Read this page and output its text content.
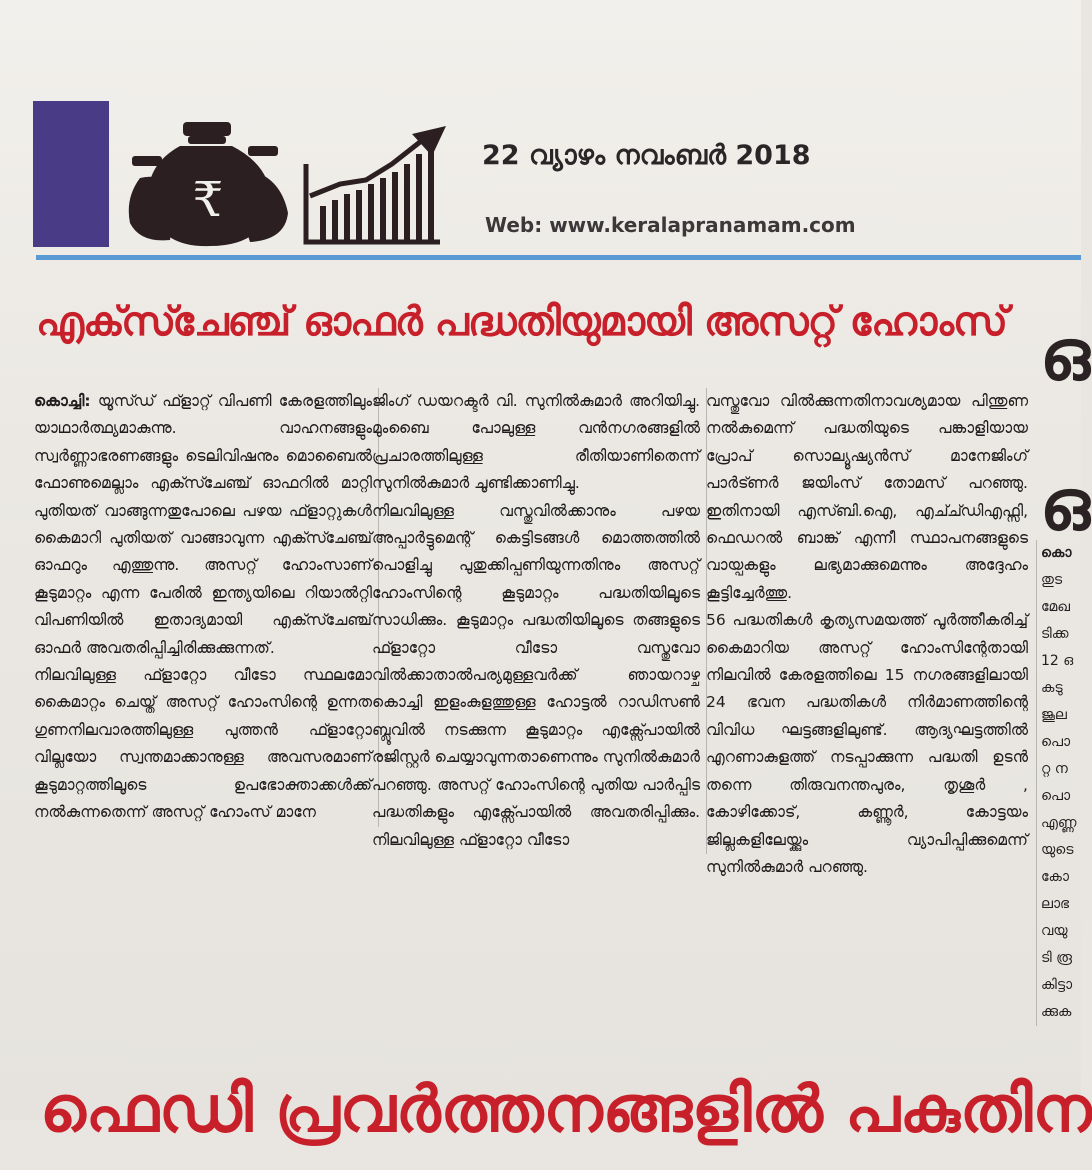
₹
22 വ്യാഴം നവംബർ 2018
Web: www.keralapranamam.com
എക്സ്ചേഞ്ച് ഓഫർ പദ്ധതിയുമായി അസറ്റ് ഹോംസ് ഒ
ഒ

കൊച്ചി: യൂസ്ഡ് ഫ്ളാറ്റ് വിപണി കേരളത്തിലും യാഥാർത്ഥ്യമാകുന്നു. വാഹനങ്ങളും സ്വർണ്ണാഭരണങ്ങളും ടെലിവിഷനും മൊബൈൽ ഫോണുമെല്ലാം എക്സ്ചേഞ്ച് ഓഫറിൽ മാറ്റി പുതിയത് വാങ്ങുന്നതുപോലെ പഴയ ഫ്ളാറ്റുകൾ കൈമാറി പുതിയത് വാങ്ങാവുന്ന എക്സ്ചേഞ്ച് ഓഫറും എത്തുന്നു. അസറ്റ് ഹോംസാണ് കൂടുമാറ്റം എന്ന പേരിൽ ഇന്ത്യയിലെ റിയാൽറ്റി വിപണിയിൽ ഇതാദ്യമായി എക്സ്ചേഞ്ച് ഓഫർ അവതരിപ്പിച്ചിരിക്കുക്കുന്നത്.

നിലവിലുള്ള ഫ്ളാറ്റോ വീടോ സ്ഥലമോ കൈമാറ്റം ചെയ്ത് അസറ്റ് ഹോംസിന്റെ ഉന്നത ഗുണനിലവാരത്തിലുള്ള പുത്തൻ ഫ്ളാറ്റോ വില്ലയോ സ്വന്തമാക്കാനുള്ള അവസരമാണ് കൂടുമാറ്റത്തിലൂടെ ഉപഭോക്താക്കൾക്ക് നൽകുന്നതെന്ന് അസറ്റ് ഹോംസ് മാനേ

ജിംഗ് ഡയറക്ടർ വി. സുനിൽകുമാർ അറിയിച്ചു. മുംബൈ പോലുള്ള വൻനഗരങ്ങളിൽ പ്രചാരത്തിലുള്ള രീതിയാണിതെന്ന് സുനിൽകുമാർ ചൂണ്ടിക്കാണിച്ചു.

നിലവിലുള്ള വസ്തുവിൽക്കാനും പഴയ അപ്പാർട്ടുമെന്റ് കെട്ടിടങ്ങൾ മൊത്തത്തിൽ പൊളിച്ചു പുതുക്കിപ്പണിയുന്നതിനും അസറ്റ് ഹോംസിന്റെ കൂടുമാറ്റം പദ്ധതിയിലൂടെ സാധിക്കും. കൂടുമാറ്റം പദ്ധതിയിലൂടെ തങ്ങളുടെ ഫ്ളാറ്റോ വീടോ വസ്തുവോ വിൽക്കാതാൽപര്യമുള്ളവർക്ക് ഞായറാഴ്ച കൊച്ചി ഇളംകുളത്തുള്ള ഹോട്ടൽ റാഡിസൺ ബ്ലൂവിൽ നടക്കുന്ന കൂടുമാറ്റം എക്സ്പോയിൽ രജിസ്റ്റർ ചെയ്യാവുന്നതാണെന്നും സുനിൽകുമാർ പറഞ്ഞു. അസറ്റ് ഹോംസിന്റെ പുതിയ പാർപ്പിട പദ്ധതികളും എക്സ്പോയിൽ അവതരിപ്പിക്കും. നിലവിലുള്ള ഫ്ളാറ്റോ വീടോ

വസ്തുവോ വിൽക്കുന്നതിനാവശ്യമായ പിന്തുണ നൽകുമെന്ന് പദ്ധതിയുടെ പങ്കാളിയായ പ്രോപ് സൊല്യൂഷ്യൻസ് മാനേജിംഗ് പാർട്ണർ ജയിംസ് തോമസ് പറഞ്ഞു. ഇതിനായി എസ്ബി.ഐ, എച്ച്ഡിഎഫ്സി, ഫെഡറൽ ബാങ്ക് എന്നീ സ്ഥാപനങ്ങളുടെ വായ്പകളും ലഭ്യമാക്കുമെന്നും അദ്ദേഹം കൂട്ടിച്ചേർത്തു.

56 പദ്ധതികൾ കൃത്യസമയത്ത് പൂർത്തീകരിച്ച് കൈമാറിയ അസറ്റ് ഹോംസിന്റേതായി നിലവിൽ കേരളത്തിലെ 15 നഗരങ്ങളിലായി 24 ഭവന പദ്ധതികൾ നിർമാണത്തിന്റെ വിവിധ ഘട്ടങ്ങളിലുണ്ട്. ആദ്യഘട്ടത്തിൽ എറണാകുളത്ത് നടപ്പാക്കുന്ന പദ്ധതി ഉടൻ തന്നെ തിരുവനന്തപുരം, തൃശൂർ , കോഴിക്കോട്, കണ്ണൂർ, കോട്ടയം ജില്ലകളിലേയ്ക്കും വ്യാപിപ്പിക്കുമെന്ന് സുനിൽകുമാർ പറഞ്ഞു.

കൊ
തുട
മേഖ
ടിക്ക
12 ഒ
കടു
ജൂല
പൊ
റ്റ ന
പൊ
എണ്ണ
യുടെ
കോ
ലാഭ
വയു
ടി രൂ
കിട്ടാ
ക്കുക
ഫെഡി പ്രവർത്തനങ്ങളിൽ പകുതിന
